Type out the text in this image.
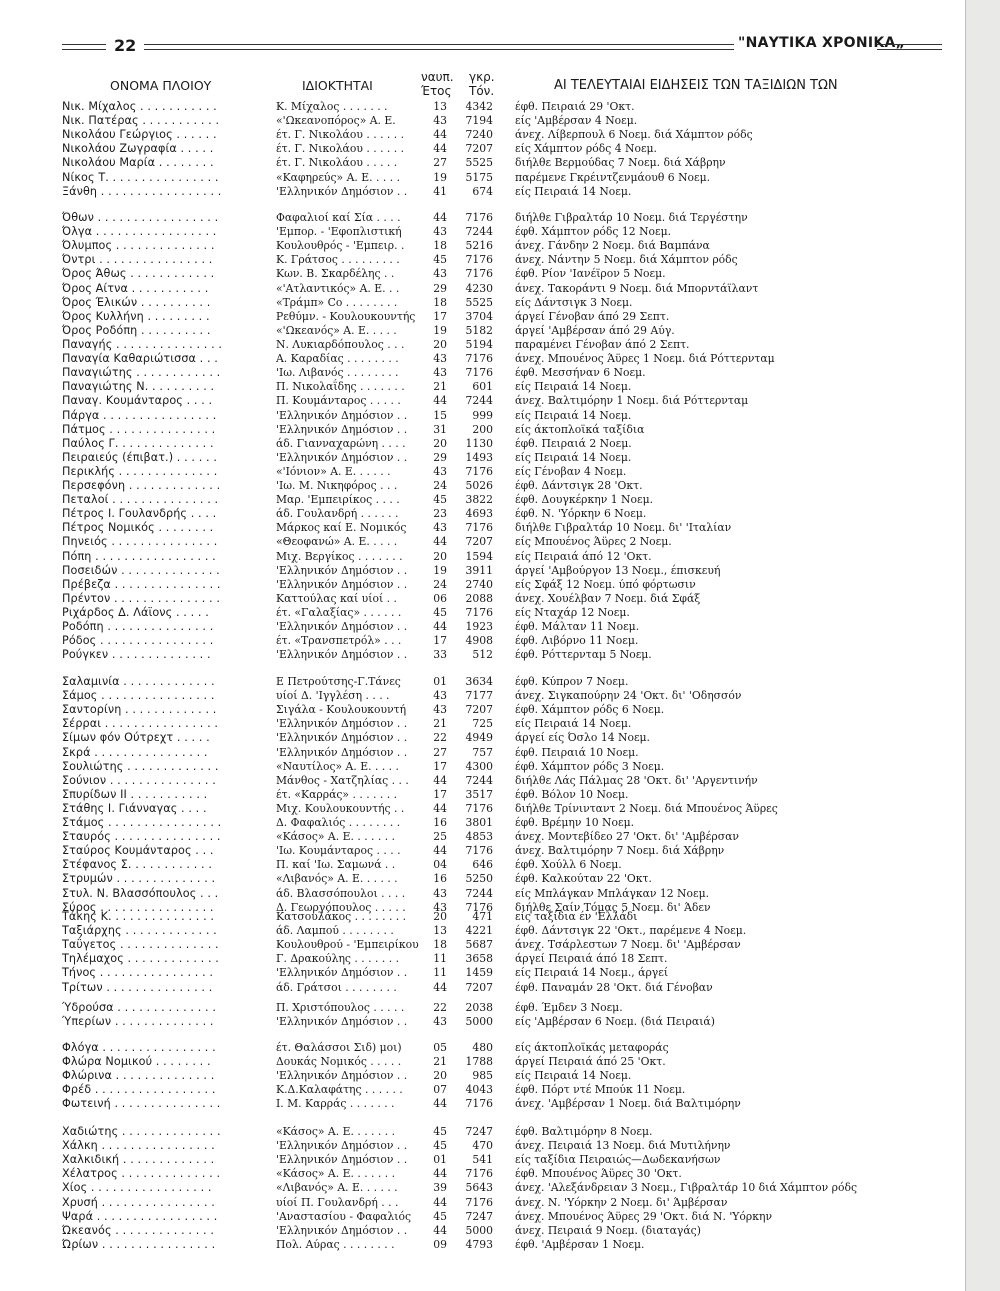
22	"ΝΑΥΤΙΚΑ ΧΡΟΝΙΚΑ„
ΟΝΟΜΑ ΠΛΟΙΟΥ	ΙΔΙΟΚΤΗΤΑΙ
ναυπ.
Έτος
γκρ.
Τόν.	ΑΙ ΤΕΛΕΥΤΑΙΑΙ ΕΙΔΗΣΕΙΣ ΤΩΝ ΤΑΞΙΔΙΩΝ ΤΩΝ
Νικ. Μίχαλος . . . . . . . . . . .	Κ. Μίχαλος . . . . . . .	13	4342 έφθ. Πειραιά 29 'Οκτ.
Νικ. Πατέρας . . . . . . . . . . .	«'Ωκεανοπόρος» Α. Ε.	43	7194 είς 'Αμβέρσαν 4 Νοεμ.
Νικολάου Γεώργιος . . . . . .	έτ. Γ. Νικολάου . . . . . .	44	7240 άνεχ. Λίβερπουλ 6 Νοεμ. διά Χάμπτον ρόδς
Νικολάου Ζωγραφία . . . . .	έτ. Γ. Νικολάου . . . . . .	44	7207 είς Χάμπτον ρόδς 4 Νοεμ.
Νικολάου Μαρία . . . . . . . .	έτ. Γ. Νικολάου . . . . .	27	5525 διήλθε Βερμούδας 7 Νοεμ. διά Χάβρην
Νίκος Τ. . . . . . . . . . . . . . . .	«Καφηρεύς» Α. Ε. . . . .	19	5175 παρέμενε Γκρέιντζενμάουθ 6 Νοεμ.
Ξάνθη . . . . . . . . . . . . . . . . .	'Ελληνικόν Δημόσιον . .	41	674 είς Πειραιά 14 Νοεμ.
Όθων . . . . . . . . . . . . . . . . .	Φαφαλιοί καί Σία . . . .	44	7176 διήλθε Γιβραλτάρ 10 Νοεμ. διά Τεργέστην
Όλγα . . . . . . . . . . . . . . . . .	'Εμπορ. - 'Εφοπλιστική	43	7244 έφθ. Χάμπτον ρόδς 12 Νοεμ.
Όλυμπος . . . . . . . . . . . . . .	Κουλουθρός - 'Εμπειρ. .	18	5216 άνεχ. Γάνδην 2 Νοεμ. διά Βαμπάνα
Όντρι . . . . . . . . . . . . . . . .	Κ. Γράτσος . . . . . . . . .	45	7176 άνεχ. Νάντην 5 Νοεμ. διά Χάμπτον ρόδς
Όρος Άθως . . . . . . . . . . . .	Κων. Β. Σκαρδέλης . .	43	7176 έφθ. Ρίον 'Ιανέϊρον 5 Νοεμ.
Όρος Αίτνα . . . . . . . . . . .	«'Ατλαντικός» Α. Ε. . .	29	4230 άνεχ. Τακοράντι 9 Νοεμ. διά Μπορντάϊλαντ
Όρος Έλικών . . . . . . . . . .	«Τράμπ» Co . . . . . . . .	18	5525 είς Δάντσιγκ 3 Νοεμ.
Όρος Κυλλήνη . . . . . . . . .	Ρεθύμν. - Κουλουκουντής	17	3704 άργεί Γένοβαν άπό 29 Σεπτ.
Όρος Ροδόπη . . . . . . . . . .	«'Ωκεανός» Α. Ε. . . . .	19	5182 άργεί 'Αμβέρσαν άπό 29 Αύγ.
Παναγής . . . . . . . . . . . . . . .	Ν. Λυκιαρδόπουλος . . .	20	5194 παραμένει Γένοβαν άπό 2 Σεπτ.
Παναγία Καθαριώτισσα . . .	Α. Καραδίας . . . . . . . .	43	7176 άνεχ. Μπουένος Άϋρες 1 Νοεμ. διά Ρόττερνταμ
Παναγιώτης . . . . . . . . . . . .	'Ιω. Λιβανός . . . . . . . .	43	7176 έφθ. Μεσσήναν 6 Νοεμ.
Παναγιώτης Ν. . . . . . . . . .	Π. Νικολαΐδης . . . . . . .	21	601 είς Πειραιά 14 Νοεμ.
Παναγ. Κουμάνταρος . . . .	Π. Κουμάνταρος . . . . .	44	7244 άνεχ. Βαλτιμόρην 1 Νοεμ. διά Ρόττερνταμ
Πάργα . . . . . . . . . . . . . . . .	'Ελληνικόν Δημόσιον . .	15	999 είς Πειραιά 14 Νοεμ.
Πάτμος . . . . . . . . . . . . . . .	'Ελληνικόν Δημόσιον . .	31	200 είς άκτοπλοϊκά ταξίδια
Παύλος Γ. . . . . . . . . . . . . .	άδ. Γιανναχαρώνη . . . .	20	1130 έφθ. Πειραιά 2 Νοεμ.
Πειραιεύς (έπιβατ.) . . . . . .	'Ελληνικόν Δημόσιον . .	29	1493 είς Πειραιά 14 Νοεμ.
Περικλής . . . . . . . . . . . . . .	«'Ιόνιον» Α. Ε. . . . . .	43	7176 είς Γένοβαν 4 Νοεμ.
Περσεφόνη . . . . . . . . . . . . .	'Ιω. Μ. Νικηφόρος . . .	24	5026 έφθ. Δάντσιγκ 28 'Οκτ.
Πεταλοί . . . . . . . . . . . . . . .	Μαρ. 'Εμπειρίκος . . . .	45	3822 έφθ. Δουγκέρκην 1 Νοεμ.
Πέτρος Ι. Γουλανδρής . . . .	άδ. Γουλανδρή . . . . . .	23	4693 έφθ. Ν. 'Υόρκην 6 Νοεμ.
Πέτρος Νομικός . . . . . . . .	Μάρκος καί Ε. Νομικός	43	7176 διήλθε Γιβραλτάρ 10 Νοεμ. δι' 'Ιταλίαν
Πηνειός . . . . . . . . . . . . . . .	«Θεοφανώ» Α. Ε. . . . .	44	7207 είς Μπουένος Άϋρες 2 Νοεμ.
Πόπη . . . . . . . . . . . . . . . . .	Μιχ. Βεργίκος . . . . . . .	20	1594 είς Πειραιά άπό 12 'Οκτ.
Ποσειδών . . . . . . . . . . . . . .	'Ελληνικόν Δημόσιον . .	19	3911 άργεί 'Αμβούργον 13 Νοεμ., έπισκευή
Πρέβεζα . . . . . . . . . . . . . . .	'Ελληνικόν Δημόσιον . .	24	2740 είς Σφάξ 12 Νοεμ. ύπό φόρτωσιν
Πρέντον . . . . . . . . . . . . . . .	Καττούλας καί υίοί . .	06	2088 άνεχ. Χουέλβαν 7 Νοεμ. διά Σφάξ
Ριχάρδος Δ. Λάϊονς . . . . .	έτ. «Γαλαξίας» . . . . . .	45	7176 είς Νταχάρ 12 Νοεμ.
Ροδόπη . . . . . . . . . . . . . . .	'Ελληνικόν Δημόσιον . .	44	1923 έφθ. Μάλταν 11 Νοεμ.
Ρόδος . . . . . . . . . . . . . . . .	έτ. «Τρανσπετρόλ» . . .	17	4908 έφθ. Λιβόρνο 11 Νοεμ.
Ρούγκεν . . . . . . . . . . . . . .	'Ελληνικόν Δημόσιον . .	33	512 έφθ. Ρόττερνταμ 5 Νοεμ.
Σαλαμινία . . . . . . . . . . . . .	Ε Πετρούτσης-Γ.Τάνες	01	3634 έφθ. Κύπρον 7 Νοεμ.
Σάμος . . . . . . . . . . . . . . . .	υίοί Δ. 'Ιγγλέση . . . .	43	7177 άνεχ. Σιγκαπούρην 24 'Οκτ. δι' 'Οδησσόν
Σαντορίνη . . . . . . . . . . . . .	Σιγάλα - Κουλουκουντή	43	7207 έφθ. Χάμπτον ρόδς 6 Νοεμ.
Σέρραι . . . . . . . . . . . . . . . .	'Ελληνικόν Δημόσιον . .	21	725 είς Πειραιά 14 Νοεμ.
Σίμων φόν Ούτρεχτ . . . . .	'Ελληνικόν Δημόσιον . .	22	4949 άργεί είς Όσλο 14 Νοεμ.
Σκρά . . . . . . . . . . . . . . . .	'Ελληνικόν Δημόσιον . .	27	757 έφθ. Πειραιά 10 Νοεμ.
Σουλιώτης . . . . . . . . . . . . .	«Ναυτίλος» Α. Ε. . . . .	17	4300 έφθ. Χάμπτον ρόδς 3 Νοεμ.
Σούνιον . . . . . . . . . . . . . . .	Μάνθος - Χατζηλίας . . .	44	7244 διήλθε Λάς Πάλμας 28 'Οκτ. δι' 'Αργεντινήν
Σπυρίδων ΙΙ . . . . . . . . . . .	έτ. «Καρράς» . . . . . . .	17	3517 έφθ. Βόλον 10 Νοεμ.
Στάθης Ι. Γιάνναγας . . . .	Μιχ. Κουλουκουντής . .	44	7176 διήλθε Τρίνινταντ 2 Νοεμ. διά Μπουένος Άϋρες
Στάμος . . . . . . . . . . . . . . . .	Δ. Φαφαλιός . . . . . . . .	16	3801 έφθ. Βρέμην 10 Νοεμ.
Σταυρός . . . . . . . . . . . . . . .	«Κάσος» Α. Ε. . . . . . .	25	4853 άνεχ. Μοντεβίδεο 27 'Οκτ. δι' 'Αμβέρσαν
Σταύρος Κουμάνταρος . . .	'Ιω. Κουμάνταρος . . . .	44	7176 άνεχ. Βαλτιμόρην 7 Νοεμ. διά Χάβρην
Στέφανος Σ. . . . . . . . . . . .	Π. καί 'Ιω. Σαμωνά . .	04	646 έφθ. Χούλλ 6 Νοεμ.
Στρυμών . . . . . . . . . . . . . .	«Λιβανός» Α. Ε. . . . . .	16	5250 έφθ. Καλκούταν 22 'Οκτ.
Στυλ. Ν. Βλασσόπουλος . . .	άδ. Βλασσόπουλοι . . . .	43	7244 είς Μπλάγκαν Μπλάγκαν 12 Νοεμ.
Σύρος . . . . . . . . . . . . . . . .	Δ. Γεωργόπουλος . . . . .	43	7176 διήλθε Σαίν Τόμας 5 Νοεμ. δι' Άδεν
Τάκης Κ. . . . . . . . . . . . . . .	Κατσουλάκος . . . . . . . .	20	471 είς ταξίδια έν 'Ελλάδι
Ταξιάρχης . . . . . . . . . . . . .	άδ. Λαμπού . . . . . . . .	13	4221 έφθ. Δάντσιγκ 22 'Οκτ., παρέμενε 4 Νοεμ.
Ταΰγετος . . . . . . . . . . . . . .	Κουλουθρού - 'Εμπειρίκου	18	5687 άνεχ. Τσάρλεστων 7 Νοεμ. δι' 'Αμβέρσαν
Τηλέμαχος . . . . . . . . . . . . .	Γ. Δρακούλης . . . . . . .	11	3658 άργεί Πειραιά άπό 18 Σεπτ.
Τήνος . . . . . . . . . . . . . . . .	'Ελληνικόν Δημόσιον . .	11	1459 είς Πειραιά 14 Νοεμ., άργεί
Τρίτων . . . . . . . . . . . . . . .	άδ. Γράτσοι . . . . . . . .	44	7207 έφθ. Παναμάν 28 'Οκτ. διά Γένοβαν
Ύδρούσα . . . . . . . . . . . . . .	Π. Χριστόπουλος . . . . .	22	2038 έφθ. Έμδεν 3 Νοεμ.
Ύπερίων . . . . . . . . . . . . . .	'Ελληνικόν Δημόσιον . .	43	5000 είς 'Αμβέρσαν 6 Νοεμ. (διά Πειραιά)
Φλόγα . . . . . . . . . . . . . . . .	έτ. Θαλάσσοι Σιδ) μοι)	05	480 είς άκτοπλοϊκάς μεταφοράς
Φλώρα Νομικού . . . . . . . .	Δουκάς Νομικός . . . . .	21	1788 άργεί Πειραιά άπό 25 'Οκτ.
Φλώρινα . . . . . . . . . . . . . .	'Ελληνικόν Δημόσιον . .	20	985 είς Πειραιά 14 Νοεμ.
Φρέδ . . . . . . . . . . . . . . . . .	Κ.Δ.Καλαφάτης . . . . . .	07	4043 έφθ. Πόρτ ντέ Μπούκ 11 Νοεμ.
Φωτεινή . . . . . . . . . . . . . . .	Ι. Μ. Καρράς . . . . . . .	44	7176 άνεχ. 'Αμβέρσαν 1 Νοεμ. διά Βαλτιμόρην
Χαδιώτης . . . . . . . . . . . . . .	«Κάσος» Α. Ε. . . . . . .	45	7247 έφθ. Βαλτιμόρην 8 Νοεμ.
Χάλκη . . . . . . . . . . . . . . . .	'Ελληνικόν Δημόσιον . .	45	470 άνεχ. Πειραιά 13 Νοεμ. διά Μυτιλήνην
Χαλκιδική . . . . . . . . . . . . .	'Ελληνικόν Δημόσιον . .	01	541 είς ταξίδια Πειραιώς—Δωδεκανήσων
Χέλατρος . . . . . . . . . . . . . .	«Κάσος» Α. Ε. . . . . . .	44	7176 έφθ. Μπουένος Άϋρες 30 'Οκτ.
Χίος . . . . . . . . . . . . . . . . .	«Λιβανός» Α. Ε. . . . . .	39	5643 άνεχ. 'Αλεξάνδρειαν 3 Νοεμ., Γιβραλτάρ 10 διά Χάμπτον ρόδς
Χρυσή . . . . . . . . . . . . . . . .	υίοί Π. Γουλανδρή . . .	44	7176 άνεχ. Ν. 'Υόρκην 2 Νοεμ. δι' Άμβέρσαν
Ψαρά . . . . . . . . . . . . . . . . .	'Αναστασίου - Φαφαλιός	45	7247 άνεχ. Μπουένος Άϋρες 29 'Οκτ. διά Ν. 'Υόρκην
Ώκεανός . . . . . . . . . . . . . .	'Ελληνικόν Δημόσιον . .	44	5000 άνεχ. Πειραιά 9 Νοεμ. (διαταγάς)
Ώρίων . . . . . . . . . . . . . . . .	Πολ. Αύρας . . . . . . . .	09	4793 έφθ. 'Αμβέρσαν 1 Νοεμ.
